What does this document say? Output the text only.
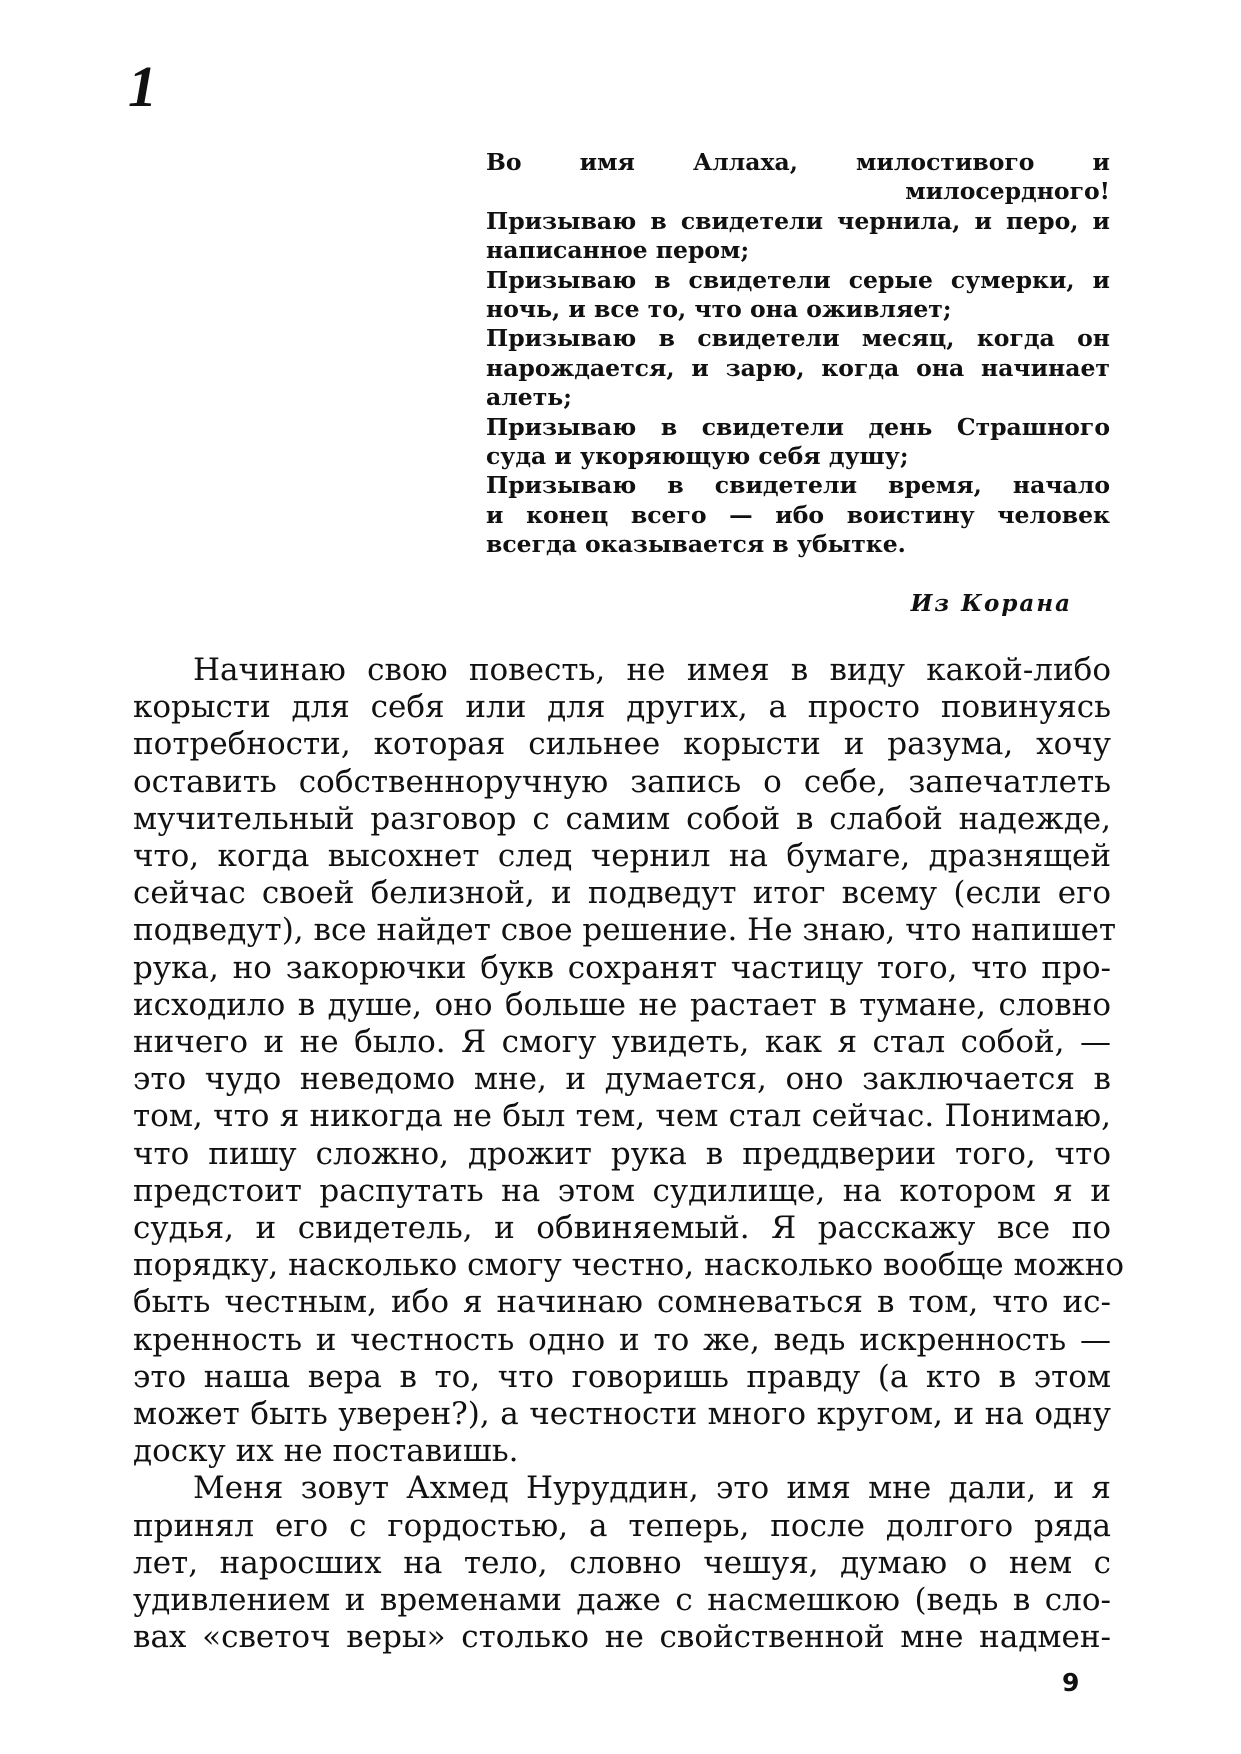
1
Во имя Аллаха, милостивого и
милосердного!
Призываю в свидетели чернила, и перо, и
написанное пером;
Призываю в свидетели серые сумерки, и
ночь, и все то, что она оживляет;
Призываю в свидетели месяц, когда он
нарождается, и зарю, когда она начинает
алеть;
Призываю в свидетели день Страшного
суда и укоряющую себя душу;
Призываю в свидетели время, начало
и конец всего — ибо воистину человек
всегда оказывается в убытке.
Из Корана

Начинаю свою повесть, не имея в виду какой-либо
корысти для себя или для других, а просто повинуясь
потребности, которая сильнее корысти и разума, хочу
оставить собственноручную запись о себе, запечатлеть
мучительный разговор с самим собой в слабой надежде,
что, когда высохнет след чернил на бумаге, дразнящей
сейчас своей белизной, и подведут итог всему (если его
подведут), все найдет свое решение. Не знаю, что напишет
рука, но закорючки букв сохранят частицу того, что про-
исходило в душе, оно больше не растает в тумане, словно
ничего и не было. Я смогу увидеть, как я стал собой, —
это чудо неведомо мне, и думается, оно заключается в
том, что я никогда не был тем, чем стал сейчас. Понимаю,
что пишу сложно, дрожит рука в преддверии того, что
предстоит распутать на этом судилище, на котором я и
судья, и свидетель, и обвиняемый. Я расскажу все по
порядку, насколько смогу честно, насколько вообще можно
быть честным, ибо я начинаю сомневаться в том, что ис-
кренность и честность одно и то же, ведь искренность —
это наша вера в то, что говоришь правду (а кто в этом
может быть уверен?), а честности много кругом, и на одну
доску их не поставишь.

Меня зовут Ахмед Нуруддин, это имя мне дали, и я
принял его с гордостью, а теперь, после долгого ряда
лет, наросших на тело, словно чешуя, думаю о нем с
удивлением и временами даже с насмешкою (ведь в сло-
вах «светоч веры» столько не свойственной мне надмен-

9
